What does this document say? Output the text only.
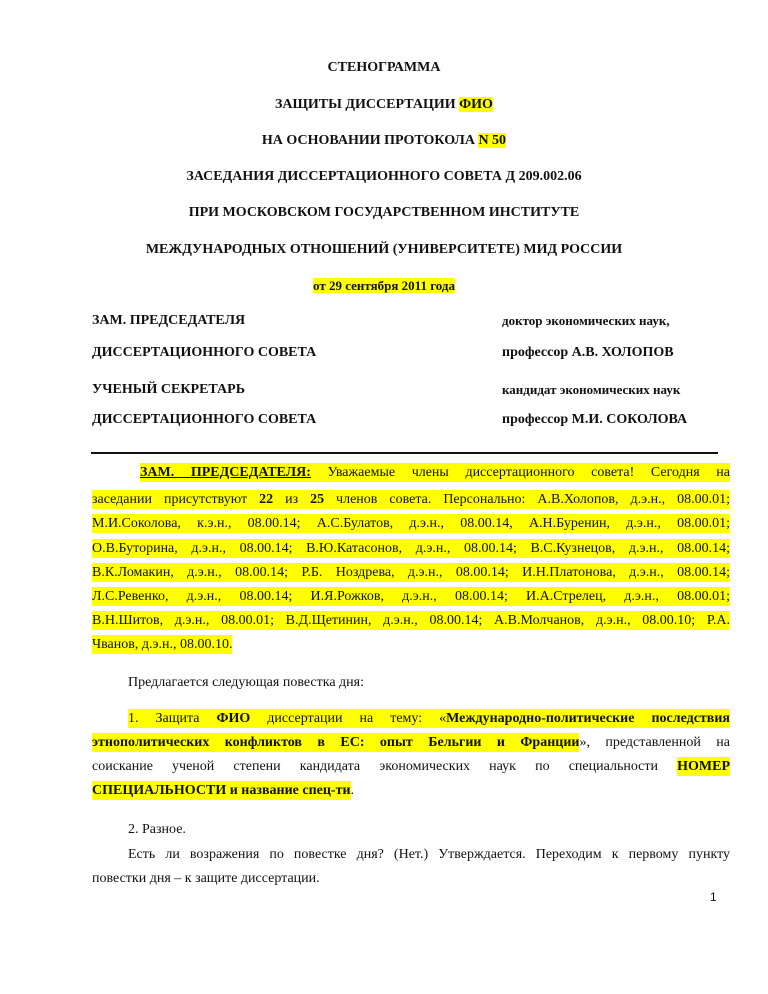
СТЕНОГРАММА
ЗАЩИТЫ ДИССЕРТАЦИИ ФИО
НА ОСНОВАНИИ ПРОТОКОЛА N 50
ЗАСЕДАНИЯ ДИССЕРТАЦИОННОГО СОВЕТА Д 209.002.06
ПРИ МОСКОВСКОМ ГОСУДАРСТВЕННОМ ИНСТИТУТЕ
МЕЖДУНАРОДНЫХ ОТНОШЕНИЙ (УНИВЕРСИТЕТЕ) МИД РОССИИ
от 29 сентября 2011 года
ЗАМ. ПРЕДСЕДАТЕЛЯ	доктор экономических наук,
ДИССЕРТАЦИОННОГО СОВЕТА	профессор А.В. ХОЛОПОВ
УЧЕНЫЙ СЕКРЕТАРЬ	кандидат экономических наук
ДИССЕРТАЦИОННОГО СОВЕТА	профессор М.И. СОКОЛОВА
ЗАМ. ПРЕДСЕДАТЕЛЯ: Уважаемые члены диссертационного совета! Сегодня на
заседании присутствуют 22 из 25 членов совета. Персонально: А.В.Холопов, д.э.н., 08.00.01;
М.И.Соколова, к.э.н., 08.00.14; А.С.Булатов, д.э.н., 08.00.14, А.Н.Буренин, д.э.н., 08.00.01;
О.В.Буторина, д.э.н., 08.00.14; В.Ю.Катасонов, д.э.н., 08.00.14; В.С.Кузнецов, д.э.н., 08.00.14;
В.К.Ломакин, д.э.н., 08.00.14; Р.Б. Ноздрева, д.э.н., 08.00.14; И.Н.Платонова, д.э.н., 08.00.14;
Л.С.Ревенко, д.э.н., 08.00.14; И.Я.Рожков, д.э.н., 08.00.14; И.А.Стрелец, д.э.н., 08.00.01;
В.Н.Шитов, д.э.н., 08.00.01; В.Д.Щетинин, д.э.н., 08.00.14; А.В.Молчанов, д.э.н., 08.00.10; Р.А.
Чванов, д.э.н., 08.00.10.
Предлагается следующая повестка дня:
1. Защита ФИО диссертации на тему: «Международно-политические последствия
этнополитических конфликтов в ЕС: опыт Бельгии и Франции», представленной на
соискание ученой степени кандидата экономических наук по специальности НОМЕР
СПЕЦИАЛЬНОСТИ и название спец-ти.
2. Разное.
Есть ли возражения по повестке дня? (Нет.) Утверждается. Переходим к первому пункту
повестки дня – к защите диссертации.
1
